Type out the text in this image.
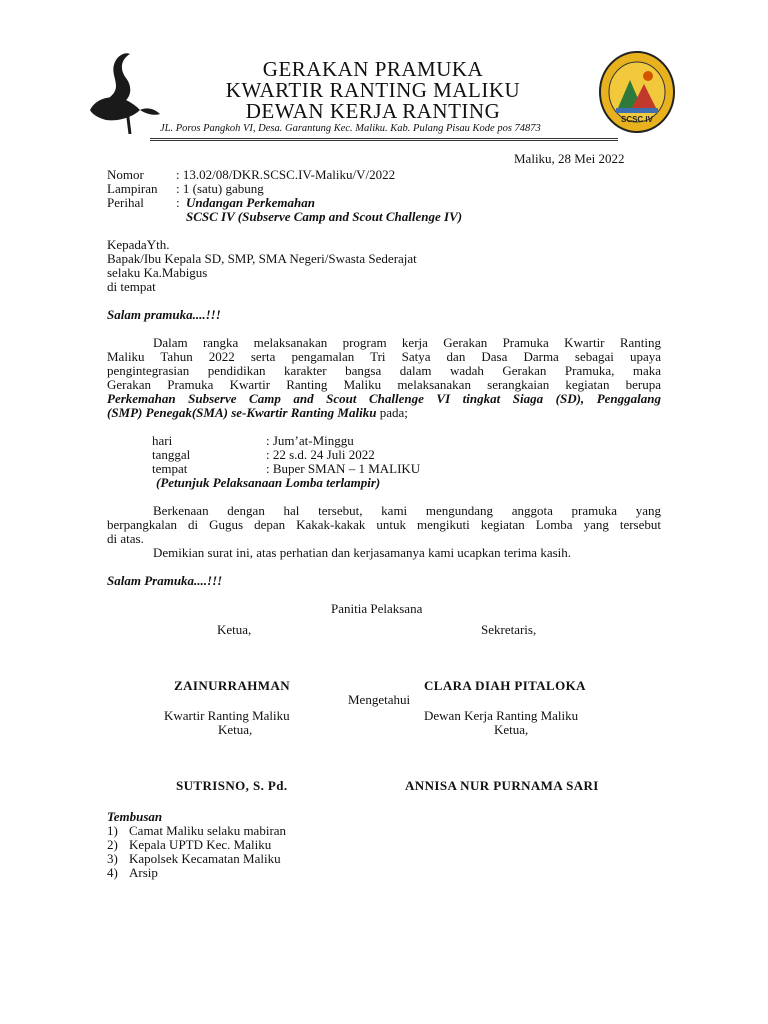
GERAKAN PRAMUKA
KWARTIR RANTING MALIKU
DEWAN KERJA RANTING
JL. Poros Pangkoh VI, Desa. Garantung Kec. Maliku. Kab. Pulang Pisau Kode pos 74873
SCSC IV
Maliku, 28 Mei 2022
Nomor : 13.02/08/DKR.SCSC.IV-Maliku/V/2022
Lampiran : 1 (satu) gabung
Perihal : Undangan Perkemahan
SCSC IV (Subserve Camp and Scout Challenge IV)
KepadaYth.
Bapak/Ibu Kepala SD, SMP, SMA Negeri/Swasta Sederajat
selaku Ka.Mabigus
di tempat
Salam pramuka....!!!
Dalam rangka melaksanakan program kerja Gerakan Pramuka Kwartir Ranting
Maliku Tahun 2022 serta pengamalan Tri Satya dan Dasa Darma sebagai upaya
pengintegrasian pendidikan karakter bangsa dalam wadah Gerakan Pramuka, maka
Gerakan Pramuka Kwartir Ranting Maliku melaksanakan serangkaian kegiatan berupa
Perkemahan Subserve Camp and Scout Challenge VI tingkat Siaga (SD), Penggalang
(SMP) Penegak(SMA) se-Kwartir Ranting Maliku pada;
hari	: Jum’at-Minggu
tanggal	: 22 s.d. 24 Juli 2022
tempat	: Buper SMAN – 1 MALIKU
(Petunjuk Pelaksanaan Lomba terlampir)
Berkenaan dengan hal tersebut, kami mengundang anggota pramuka yang
berpangkalan di Gugus depan Kakak-kakak untuk mengikuti kegiatan Lomba yang tersebut
di atas.
Demikian surat ini, atas perhatian dan kerjasamanya kami ucapkan terima kasih.
Salam Pramuka....!!!
Panitia Pelaksana
Ketua,	Sekretaris,
ZAINURRAHMAN	CLARA DIAH PITALOKA
Mengetahui
Kwartir Ranting Maliku	Dewan Kerja Ranting Maliku
Ketua,	Ketua,
SUTRISNO, S. Pd.	ANNISA NUR PURNAMA SARI
Tembusan
1) Camat Maliku selaku mabiran
2) Kepala UPTD Kec. Maliku
3) Kapolsek Kecamatan Maliku
4) Arsip
